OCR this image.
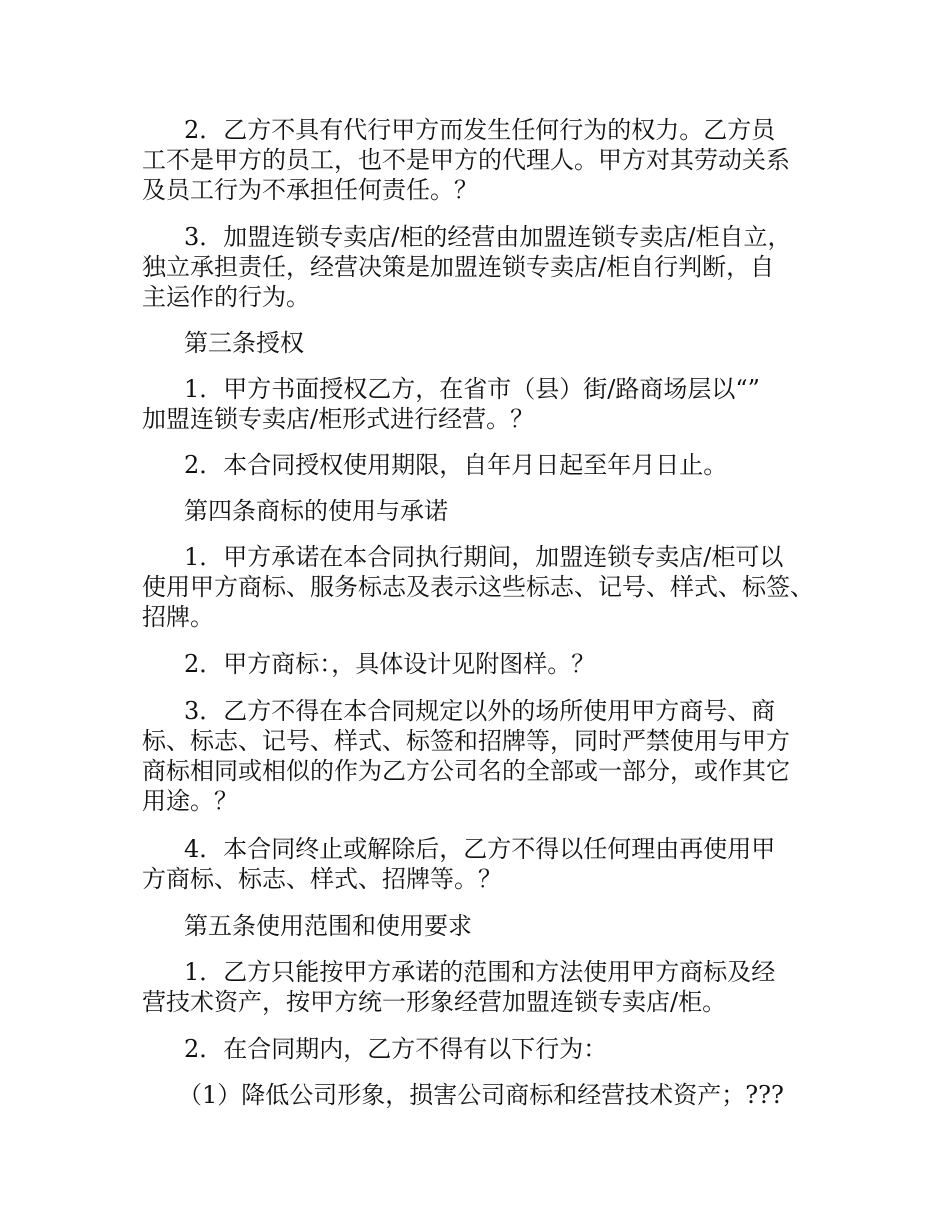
2．乙方不具有代行甲方而发生任何行为的权力。乙方员
工不是甲方的员工，也不是甲方的代理人。甲方对其劳动关系
及员工行为不承担任何责任。？
3．加盟连锁专卖店/柜的经营由加盟连锁专卖店/柜自立，
独立承担责任，经营决策是加盟连锁专卖店/柜自行判断，自
主运作的行为。
第三条授权
1．甲方书面授权乙方，在省市（县）街/路商场层以“”
加盟连锁专卖店/柜形式进行经营。？
2．本合同授权使用期限，自年月日起至年月日止。
第四条商标的使用与承诺
1．甲方承诺在本合同执行期间，加盟连锁专卖店/柜可以
使用甲方商标、服务标志及表示这些标志、记号、样式、标签、
招牌。
2．甲方商标：，具体设计见附图样。？
3．乙方不得在本合同规定以外的场所使用甲方商号、商
标、标志、记号、样式、标签和招牌等，同时严禁使用与甲方
商标相同或相似的作为乙方公司名的全部或一部分，或作其它
用途。？
4．本合同终止或解除后，乙方不得以任何理由再使用甲
方商标、标志、样式、招牌等。？
第五条使用范围和使用要求
1．乙方只能按甲方承诺的范围和方法使用甲方商标及经
营技术资产，按甲方统一形象经营加盟连锁专卖店/柜。
2．在合同期内，乙方不得有以下行为：
（1）降低公司形象，损害公司商标和经营技术资产；???
